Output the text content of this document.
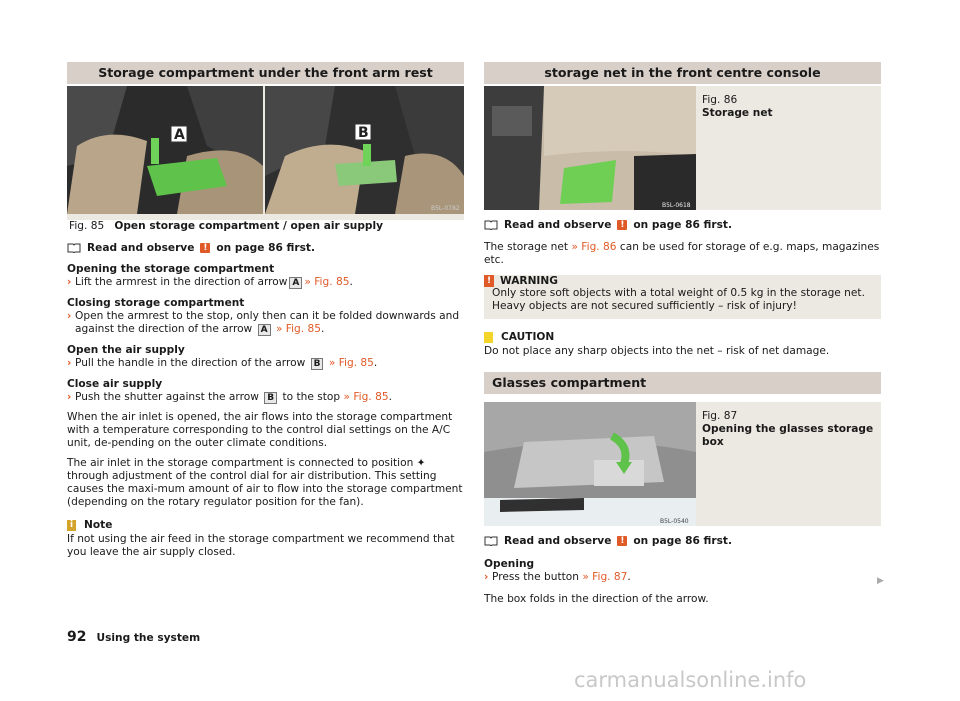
Storage compartment under the front arm rest
A	B
B5L-0782
Fig. 85 Open storage compartment / open air supply
Read and observe ! on page 86 first.

Opening the storage compartment

› Lift the armrest in the direction of arrow A » Fig. 85.

Closing storage compartment

› Open the armrest to the stop, only then can it be folded downwards and against the direction of the arrow A » Fig. 85.

Open the air supply

› Pull the handle in the direction of the arrow B » Fig. 85.

Close air supply

› Push the shutter against the arrow B to the stop » Fig. 85.

When the air inlet is opened, the air flows into the storage compartment with a temperature corresponding to the control dial settings on the A/C unit, de-pending on the outer climate conditions.

The air inlet in the storage compartment is connected to position ✦ through adjustment of the control dial for air distribution. This setting causes the maxi-mum amount of air to flow into the storage compartment (depending on the rotary regulator position for the fan).

i Note

If not using the air feed in the storage compartment we recommend that you leave the air supply closed.

storage net in the front centre console
B5L-0618

Fig. 86

Storage net

Read and observe ! on page 86 first.

The storage net » Fig. 86 can be used for storage of e.g. maps, magazines etc.

! WARNING

Only store soft objects with a total weight of 0.5 kg in the storage net. Heavy objects are not secured sufficiently – risk of injury!

CAUTION

Do not place any sharp objects into the net – risk of net damage.

Glasses compartment
B5L-0540

Fig. 87

Opening the glasses storage box

Read and observe ! on page 86 first.

Opening

› Press the button » Fig. 87.

The box folds in the direction of the arrow.

▶
92 Using the system
carmanualsonline.info
